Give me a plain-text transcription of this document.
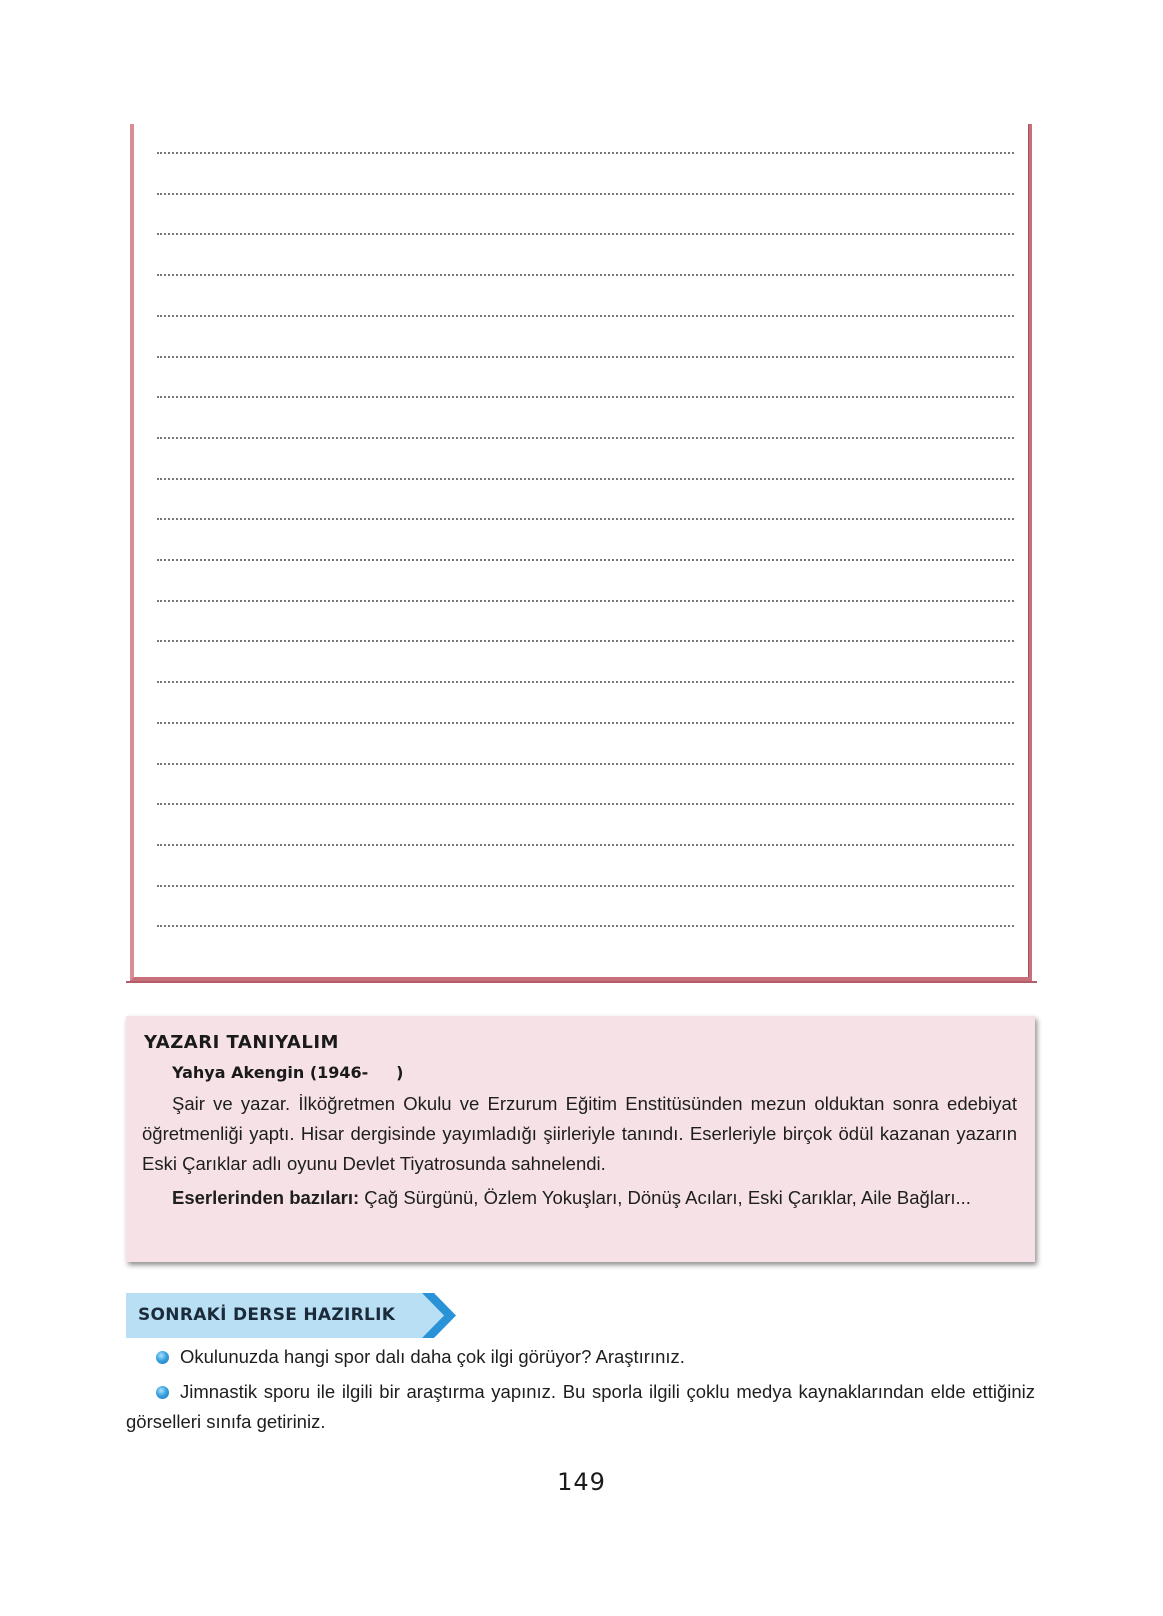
YAZARI TANIYALIM
Yahya Akengin (1946-     )

Şair ve yazar. İlköğretmen Okulu ve Erzurum Eğitim Enstitüsünden mezun olduktan sonra edebiyat öğretmenliği yaptı. Hisar dergisinde yayımladığı şiirleriyle tanındı. Eserleriyle birçok ödül kazanan yazarın Eski Çarıklar adlı oyunu Devlet Tiyatrosunda sahnelendi.

Eserlerinden bazıları: Çağ Sürgünü, Özlem Yokuşları, Dönüş Acıları, Eski Çarıklar, Aile Bağları...

SONRAKİ DERSE HAZIRLIK
Okulunuzda hangi spor dalı daha çok ilgi görüyor? Araştırınız.
Jimnastik sporu ile ilgili bir araştırma yapınız. Bu sporla ilgili çoklu medya kaynaklarından elde ettiğiniz görselleri sınıfa getiriniz.
149
